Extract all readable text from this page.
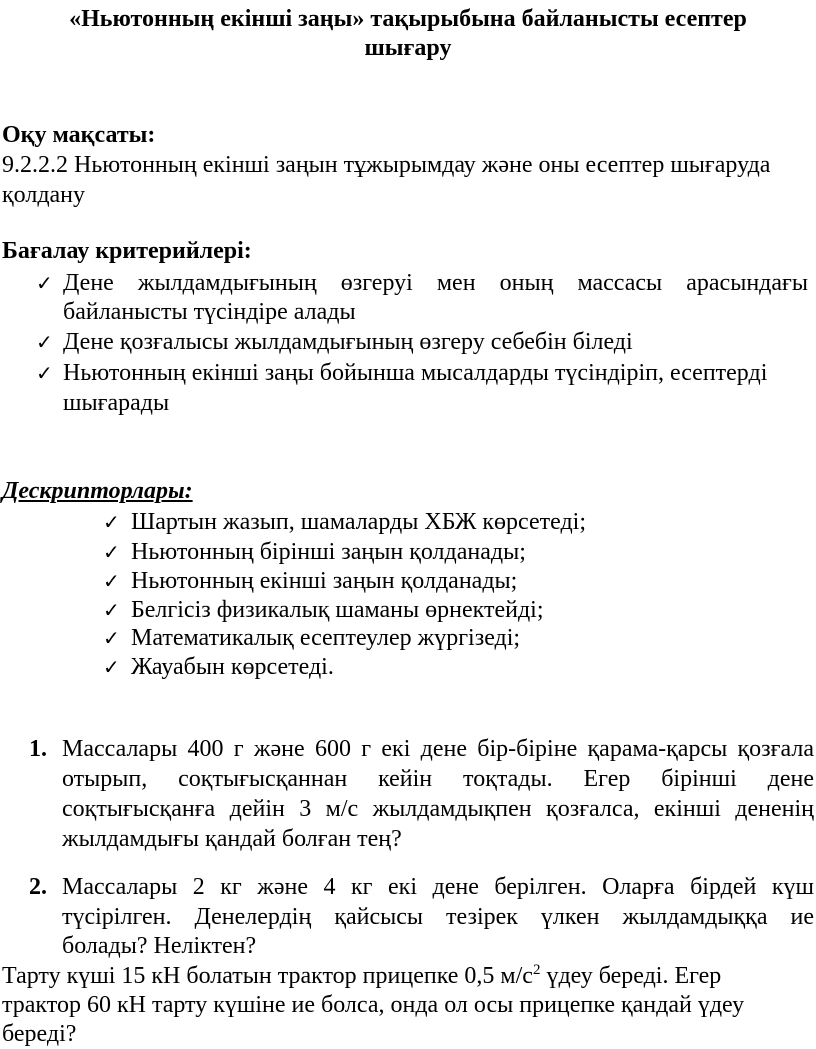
«Ньютонның екінші заңы» тақырыбына байланысты есептер
шығару
Оқу мақсаты:
9.2.2.2 Ньютонның екінші заңын тұжырымдау және оны есептер шығаруда
қолдану
Бағалау критерийлері:
✓ Дене жылдамдығының өзгеруі мен оның массасы арасындағы
байланысты түсіндіре алады
✓ Дене қозғалысы жылдамдығының өзгеру себебін біледі
✓ Ньютонның екінші заңы бойынша мысалдарды түсіндіріп, есептерді
шығарады
Дескрипторлары:
✓ Шартын жазып, шамаларды ХБЖ көрсетеді;
✓ Ньютонның бірінші заңын қолданады;
✓ Ньютонның екінші заңын қолданады;
✓ Белгісіз физикалық шаманы өрнектейді;
✓ Математикалық есептеулер жүргізеді;
✓ Жауабын көрсетеді.
1. Массалары 400 г және 600 г екі дене бір-біріне қарама-қарсы қозғала
отырып, соқтығысқаннан кейін тоқтады. Егер бірінші дене
соқтығысқанға дейін 3 м/с жылдамдықпен қозғалса, екінші дененің
жылдамдығы қандай болған тең?
2. Массалары 2 кг және 4 кг екі дене берілген. Оларға бірдей күш
түсірілген. Денелердің қайсысы тезірек үлкен жылдамдыққа ие
болады? Неліктен?
Тарту күші 15 кН болатын трактор прицепке 0,5 $м/с^2$ үдеу береді. Егер
трактор 60 кН тарту күшіне ие болса, онда ол осы прицепке қандай үдеу
береді?
